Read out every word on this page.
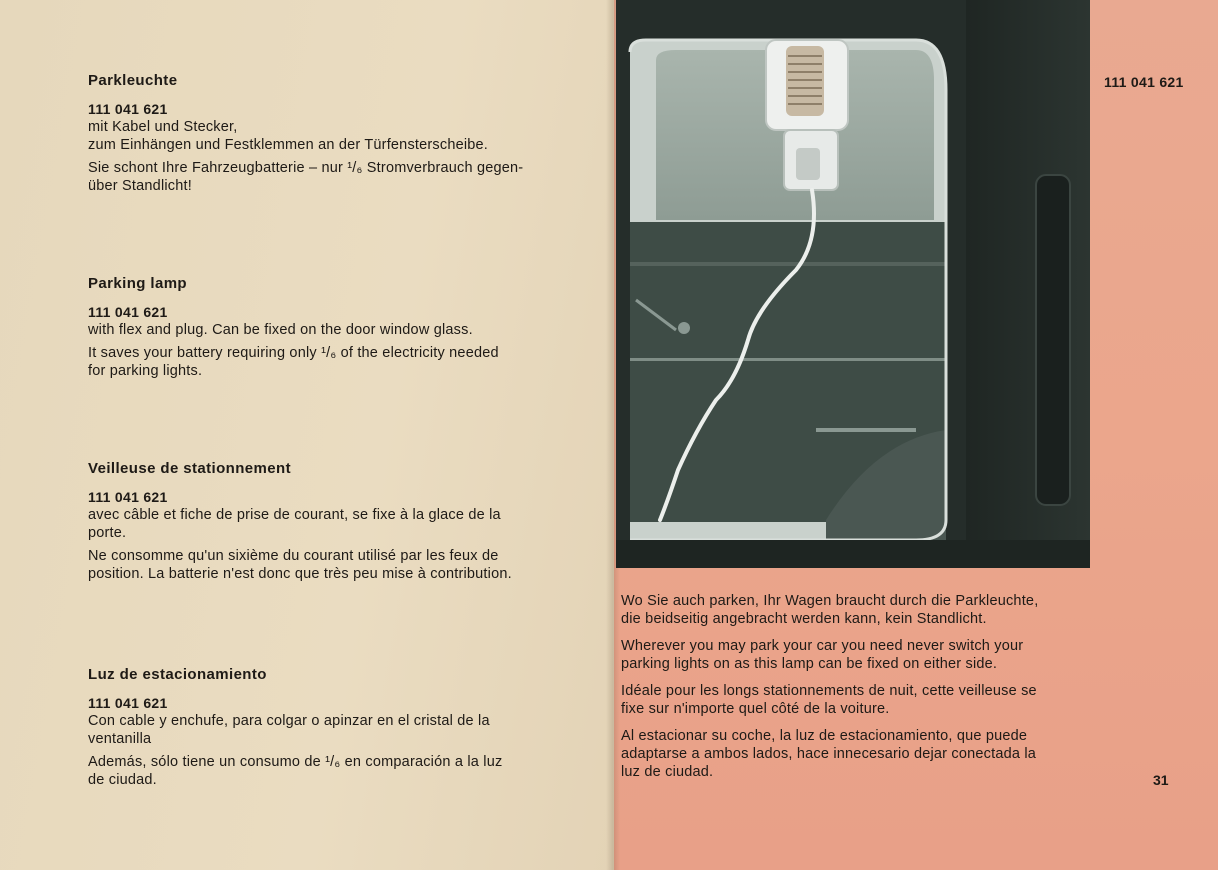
Parkleuchte
111 041 621

mit Kabel und Stecker,
zum Einhängen und Festklemmen an der Türfensterscheibe.

Sie schont Ihre Fahrzeugbatterie – nur ¹/₆ Stromverbrauch gegen-
über Standlicht!

Parking lamp
111 041 621

with flex and plug. Can be fixed on the door window glass.

It saves your battery requiring only ¹/₆ of the electricity needed
for parking lights.

Veilleuse de stationnement
111 041 621

avec câble et fiche de prise de courant, se fixe à la glace de la
porte.

Ne consomme qu'un sixième du courant utilisé par les feux de
position. La batterie n'est donc que très peu mise à contribution.

Luz de estacionamiento
111 041 621

Con cable y enchufe, para colgar o apinzar en el cristal de la
ventanilla

Además, sólo tiene un consumo de ¹/₆ en comparación a la luz
de ciudad.

111 041 621

Wo Sie auch parken, Ihr Wagen braucht durch die Parkleuchte,
die beidseitig angebracht werden kann, kein Standlicht.

Wherever you may park your car you need never switch your
parking lights on as this lamp can be fixed on either side.

Idéale pour les longs stationnements de nuit, cette veilleuse se
fixe sur n'importe quel côté de la voiture.

Al estacionar su coche, la luz de estacionamiento, que puede
adaptarse a ambos lados, hace innecesario dejar conectada la
luz de ciudad.	31
